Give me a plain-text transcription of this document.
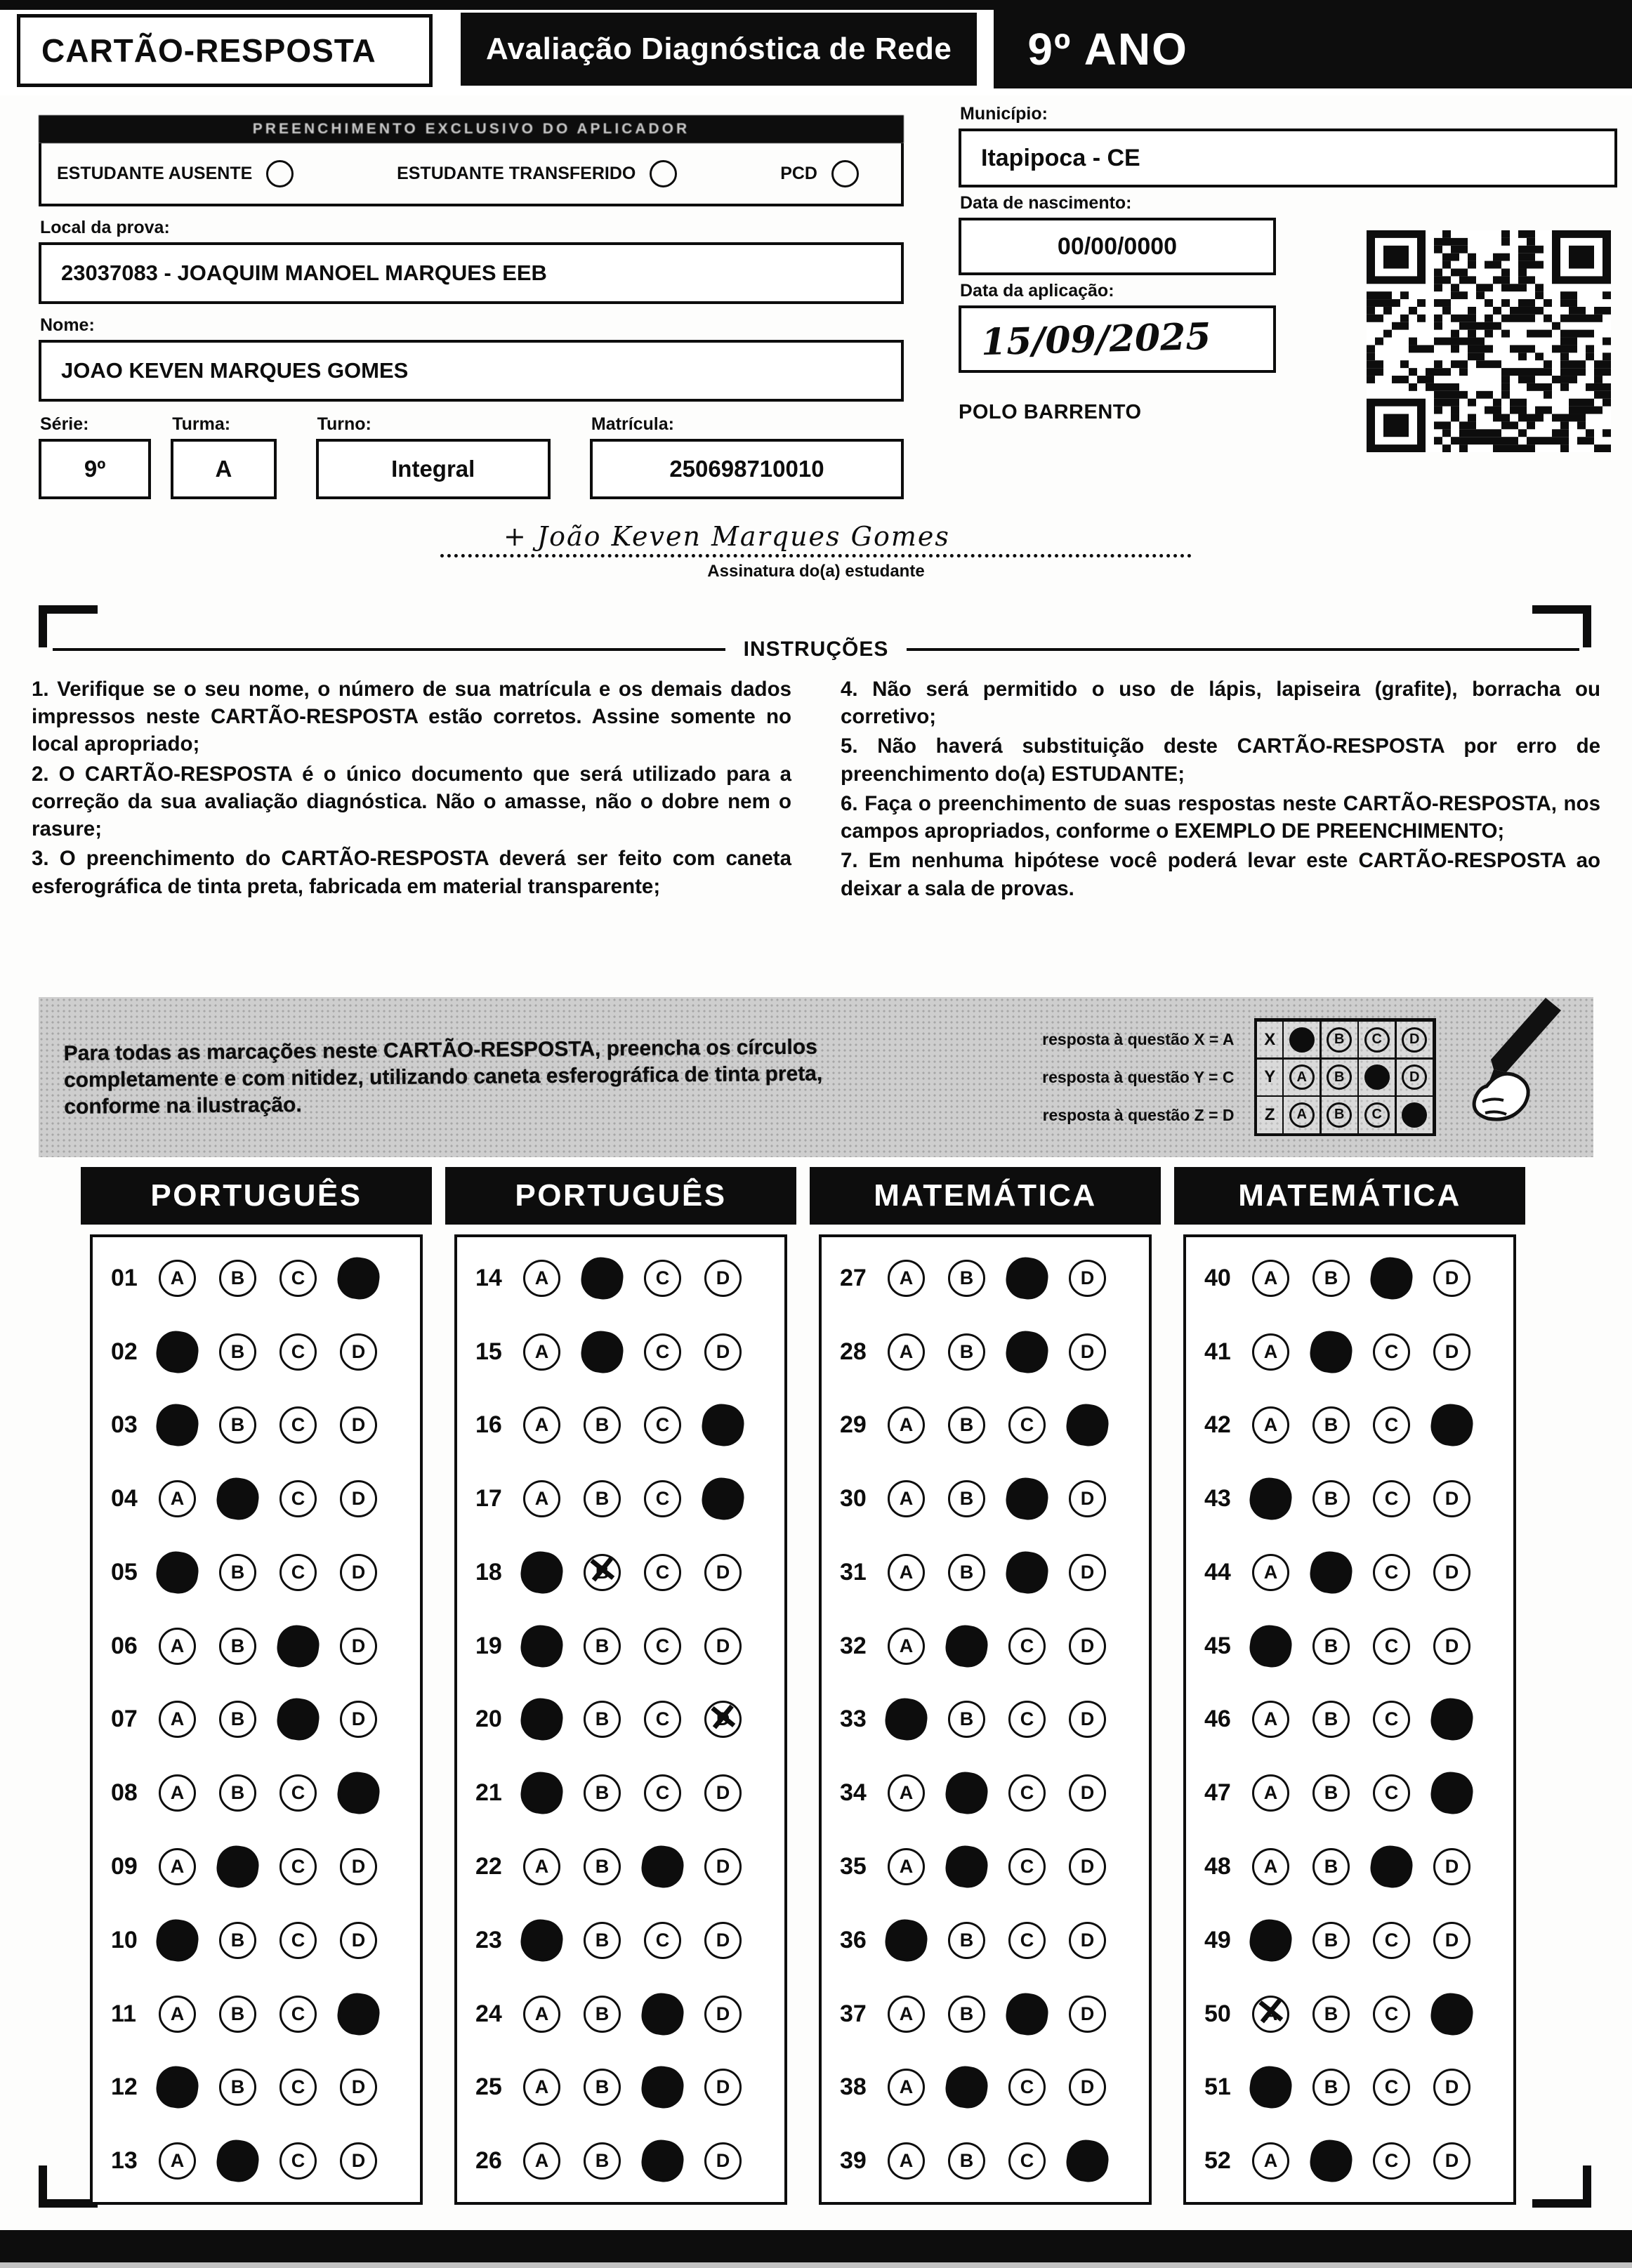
CARTÃO-RESPOSTA	Avaliação Diagnóstica de Rede	9º ANO
PREENCHIMENTO EXCLUSIVO DO APLICADOR
ESTUDANTE AUSENTE	ESTUDANTE TRANSFERIDO	PCD
Local da prova:
23037083 - JOAQUIM MANOEL MARQUES EEB
Nome:
JOAO KEVEN MARQUES GOMES
Série:
9º
Turma:
A
Turno:
Integral
Matrícula:
250698710010
Município:
Itapipoca - CE
Data de nascimento:
00/00/0000
Data da aplicação:
15/09/2025
POLO BARRENTO
+ João Keven Marques Gomes
Assinatura do(a) estudante
INSTRUÇÕES

1. Verifique se o seu nome, o número de sua matrícula e os demais dados impressos neste CARTÃO-RESPOSTA estão corretos. Assine somente no local apropriado;

2. O CARTÃO-RESPOSTA é o único documento que será utilizado para a correção da sua avaliação diagnóstica. Não o amasse, não o dobre nem o rasure;

3. O preenchimento do CARTÃO-RESPOSTA deverá ser feito com caneta esferográfica de tinta preta, fabricada em material transparente;

4. Não será permitido o uso de lápis, lapiseira (grafite), borracha ou corretivo;

5. Não haverá substituição deste CARTÃO-RESPOSTA por erro de preenchimento do(a) ESTUDANTE;

6. Faça o preenchimento de suas respostas neste CARTÃO-RESPOSTA, nos campos apropriados, conforme o EXEMPLO DE PREENCHIMENTO;

7. Em nenhuma hipótese você poderá levar este CARTÃO-RESPOSTA ao deixar a sala de provas.

Para todas as marcações neste CARTÃO-RESPOSTA, preencha os círculos completamente e com nitidez, utilizando caneta esferográfica de tinta preta, conforme na ilustração.
resposta à questão X = A
resposta à questão Y = C
resposta à questão Z = D
X	B	C	D
Y	A	B	D
Z	A	B	C
PORTUGUÊS
01	A	B	C
02	B	C	D
03	B	C	D
04	A	C	D
05	B	C	D
06	A	B	D
07	A	B	D
08	A	B	C
09	A	C	D
10	B	C	D
11	A	B	C
12	B	C	D
13	A	C	D
PORTUGUÊS
14	A	C	D
15	A	C	D
16	A	B	C
17	A	B	C
18	B ✕	C	D
19	B	C	D
20	B	C	D ✕
21	B	C	D
22	A	B	D
23	B	C	D
24	A	B	D
25	A	B	D
26	A	B	D
MATEMÁTICA
27	A	B	D
28	A	B	D
29	A	B	C
30	A	B	D
31	A	B	D
32	A	C	D
33	B	C	D
34	A	C	D
35	A	C	D
36	B	C	D
37	A	B	D
38	A	C	D
39	A	B	C
MATEMÁTICA
40	A	B	D
41	A	C	D
42	A	B	C
43	B	C	D
44	A	C	D
45	B	C	D
46	A	B	C
47	A	B	C
48	A	B	D
49	B	C	D
50	A ✕	B	C
51	B	C	D
52	A	C	D
